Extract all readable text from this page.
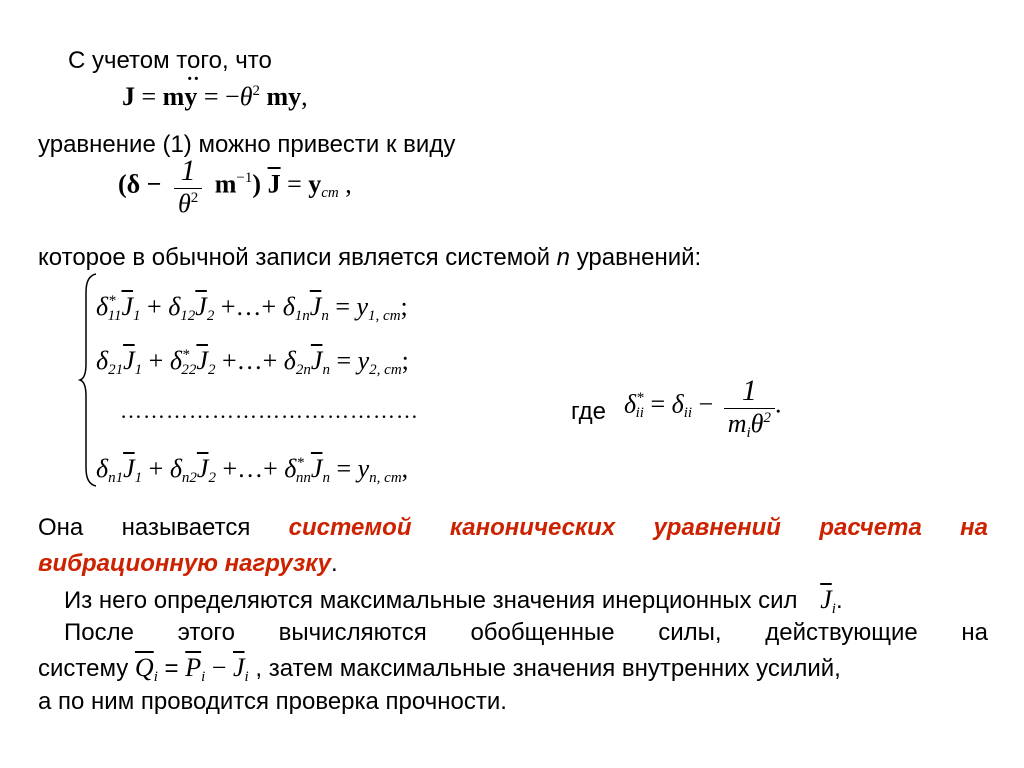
С учетом того, что
J = my
··
= $-\theta^2$ my,
уравнение (1) можно привести к виду
$(\delta - \frac{1}{\theta^2} m^{-1})$ $\overline{J} = y_{ст}$ ,
которое в обычной записи является системой n уравнений:
$\delta^*_{11}\overline{J}_1 + \delta_{12}\overline{J}_2$ +…+ $\delta_{1n}\overline{J}_n = y_{1, ст}$;
$\delta_{21}\overline{J}_1 + \delta^*_{22}\overline{J}_2$ +…+ $\delta_{2n}\overline{J}_n = y_{2, ст}$;
…………………………………
$\delta_{n1}\overline{J}_1 + \delta_{n2}\overline{J}_2$ +…+ $\delta^*_{nn}\overline{J}_n = y_{n, ст}$,
где $\delta^*_{ii} = \delta_{ii} - \frac{1}{m_i\theta^2}$ .
Она называется системой канонических уравнений расчета на
вибрационную нагрузку.
Из него определяются максимальные значения инерционных сил $\overline{J}_i$.
После этого вычисляются обобщенные силы, действующие на
систему $\overline{Q}_i = \overline{P}_i - \overline{J}_i$ , затем максимальные значения внутренних усилий,
а по ним проводится проверка прочности.
